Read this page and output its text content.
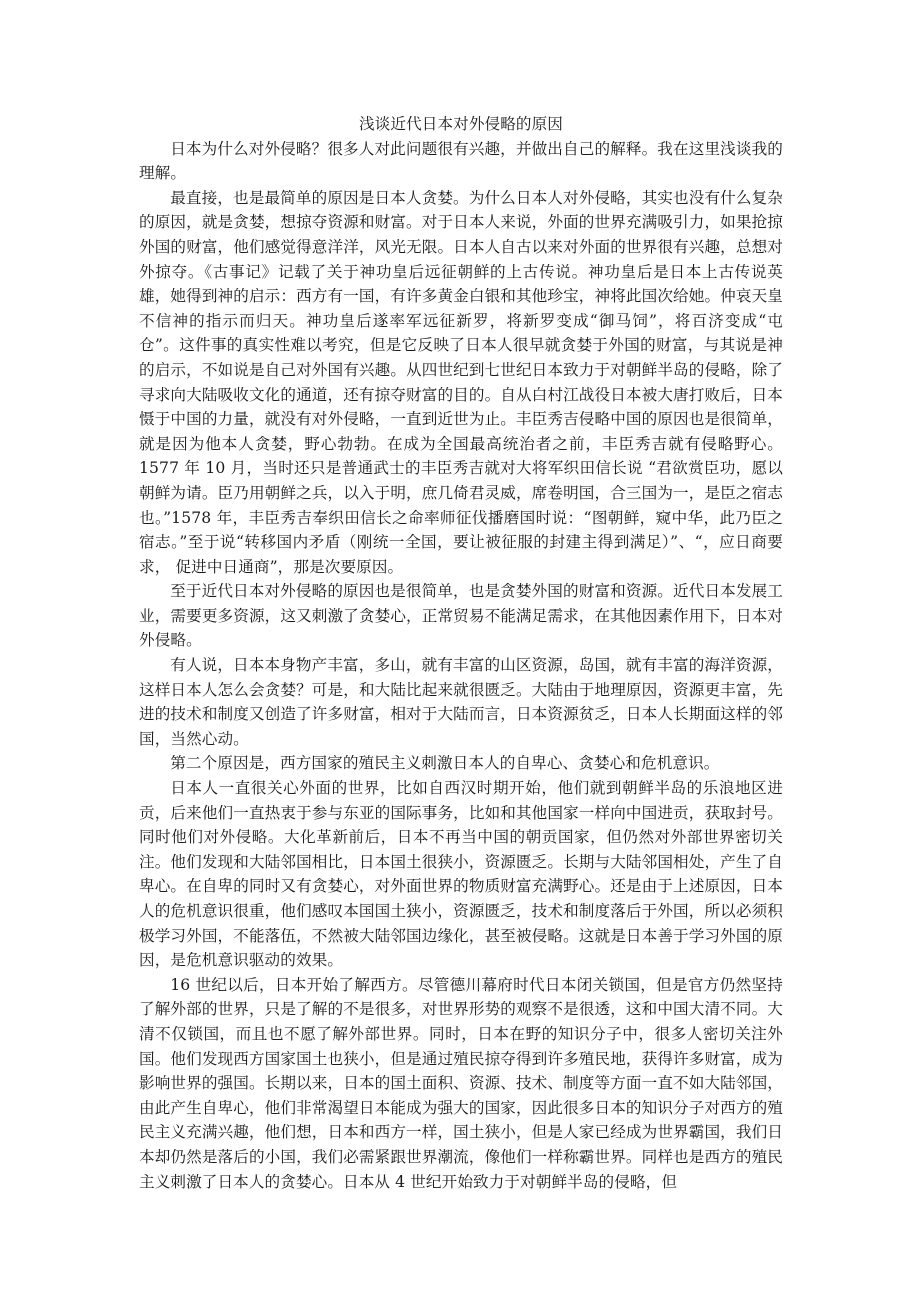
浅谈近代日本对外侵略的原因

日本为什么对外侵略？很多人对此问题很有兴趣，并做出自己的解释。我在这里浅谈我的理解。

最直接，也是最简单的原因是日本人贪婪。为什么日本人对外侵略，其实也没有什么复杂的原因，就是贪婪，想掠夺资源和财富。对于日本人来说，外面的世界充满吸引力，如果抢掠外国的财富，他们感觉得意洋洋，风光无限。日本人自古以来对外面的世界很有兴趣，总想对外掠夺。《古事记》记载了关于神功皇后远征朝鲜的上古传说。神功皇后是日本上古传说英雄，她得到神的启示：西方有一国，有许多黄金白银和其他珍宝，神将此国次给她。仲哀天皇不信神的指示而归天。神功皇后遂率军远征新罗，将新罗变成“御马饲”，将百济变成“屯仓”。这件事的真实性难以考究，但是它反映了日本人很早就贪婪于外国的财富，与其说是神的启示，不如说是自己对外国有兴趣。从四世纪到七世纪日本致力于对朝鲜半岛的侵略，除了寻求向大陆吸收文化的通道，还有掠夺财富的目的。自从白村江战役日本被大唐打败后，日本慑于中国的力量，就没有对外侵略，一直到近世为止。丰臣秀吉侵略中国的原因也是很简单，就是因为他本人贪婪，野心勃勃。在成为全国最高统治者之前，丰臣秀吉就有侵略野心。1577 年 10 月，当时还只是普通武士的丰臣秀吉就对大将军织田信长说 “君欲赏臣功，愿以朝鲜为请。臣乃用朝鲜之兵，以入于明，庶几倚君灵威，席卷明国，合三国为一，是臣之宿志也。”1578 年，丰臣秀吉奉织田信长之命率师征伐播磨国时说：“图朝鲜，窥中华，此乃臣之宿志。”至于说“转移国内矛盾（刚统一全国，要让被征服的封建主得到满足）”、“，应日商要求， 促进中日通商”，那是次要原因。

至于近代日本对外侵略的原因也是很简单，也是贪婪外国的财富和资源。近代日本发展工业，需要更多资源，这又刺激了贪婪心，正常贸易不能满足需求，在其他因素作用下，日本对外侵略。

有人说，日本本身物产丰富，多山，就有丰富的山区资源，岛国，就有丰富的海洋资源，这样日本人怎么会贪婪？可是，和大陆比起来就很匮乏。大陆由于地理原因，资源更丰富，先进的技术和制度又创造了许多财富，相对于大陆而言，日本资源贫乏，日本人长期面这样的邻国，当然心动。

第二个原因是，西方国家的殖民主义刺激日本人的自卑心、贪婪心和危机意识。

日本人一直很关心外面的世界，比如自西汉时期开始，他们就到朝鲜半岛的乐浪地区进贡，后来他们一直热衷于参与东亚的国际事务，比如和其他国家一样向中国进贡，获取封号。同时他们对外侵略。大化革新前后，日本不再当中国的朝贡国家，但仍然对外部世界密切关注。他们发现和大陆邻国相比，日本国土很狭小，资源匮乏。长期与大陆邻国相处，产生了自卑心。在自卑的同时又有贪婪心，对外面世界的物质财富充满野心。还是由于上述原因，日本人的危机意识很重，他们感叹本国国土狭小，资源匮乏，技术和制度落后于外国，所以必须积极学习外国，不能落伍，不然被大陆邻国边缘化，甚至被侵略。这就是日本善于学习外国的原因，是危机意识驱动的效果。

16 世纪以后，日本开始了解西方。尽管德川幕府时代日本闭关锁国，但是官方仍然坚持了解外部的世界，只是了解的不是很多，对世界形势的观察不是很透，这和中国大清不同。大清不仅锁国，而且也不愿了解外部世界。同时，日本在野的知识分子中，很多人密切关注外国。他们发现西方国家国土也狭小，但是通过殖民掠夺得到许多殖民地，获得许多财富，成为影响世界的强国。长期以来，日本的国土面积、资源、技术、制度等方面一直不如大陆邻国，由此产生自卑心，他们非常渴望日本能成为强大的国家，因此很多日本的知识分子对西方的殖民主义充满兴趣，他们想，日本和西方一样，国土狭小，但是人家已经成为世界霸国，我们日本却仍然是落后的小国，我们必需紧跟世界潮流，像他们一样称霸世界。同样也是西方的殖民主义刺激了日本人的贪婪心。日本从 4 世纪开始致力于对朝鲜半岛的侵略，但
